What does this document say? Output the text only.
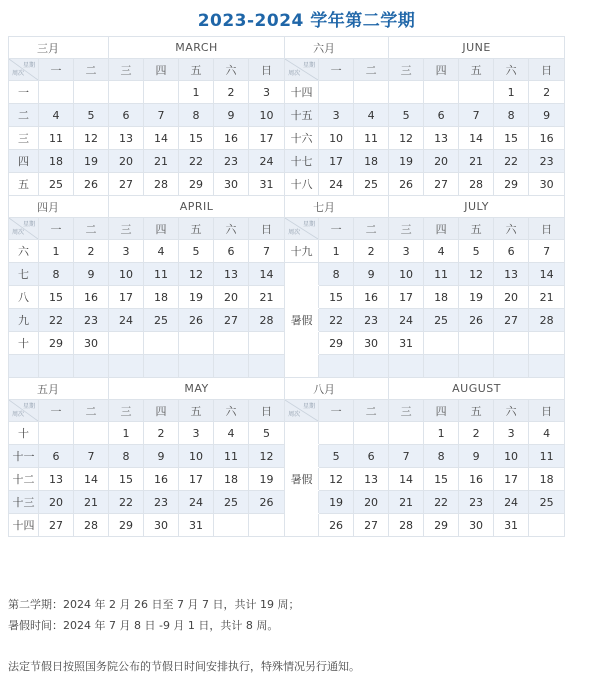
2023-2024 学年第二学期
三月			MARCH					六月			JUNE				

星期
周次	一	二	三	四	五	六	日	星期
周次	一	二	三	四	五	六	日
一					1	2	3	十四						1	2
二	4	5	6	7	8	9	10	十五	3	4	5	6	7	8	9
三	11	12	13	14	15	16	17	十六	10	11	12	13	14	15	16
四	18	19	20	21	22	23	24	十七	17	18	19	20	21	22	23
五	25	26	27	28	29	30	31	十八	24	25	26	27	28	29	30
四月			APRIL					七月			JULY				

星期
周次	一	二	三	四	五	六	日	星期
周次	一	二	三	四	五	六	日
六	1	2	3	4	5	6	7	十九	1	2	3	4	5	6	7
七	8	9	10	11	12	13	14		8	9	10	11	12	13	14
八	15	16	17	18	19	20	21		15	16	17	18	19	20	21
九	22	23	24	25	26	27	28	暑假	22	23	24	25	26	27	28
十	29	30							29	30	31				

五月			MAY					八月			AUGUST				

星期
周次	一	二	三	四	五	六	日	星期
周次	一	二	三	四	五	六	日
十			1	2	3	4	5					1	2	3	4
十一	6	7	8	9	10	11	12		5	6	7	8	9	10	11
十二	13	14	15	16	17	18	19	暑假	12	13	14	15	16	17	18
十三	20	21	22	23	24	25	26		19	20	21	22	23	24	25
十四	27	28	29	30	31				26	27	28	29	30	31	
第二学期：2024 年 2 月 26 日至 7 月 7 日，共计 19 周；
暑假时间：2024 年 7 月 8 日 -9 月 1 日，共计 8 周。
法定节假日按照国务院公布的节假日时间安排执行，特殊情况另行通知。
